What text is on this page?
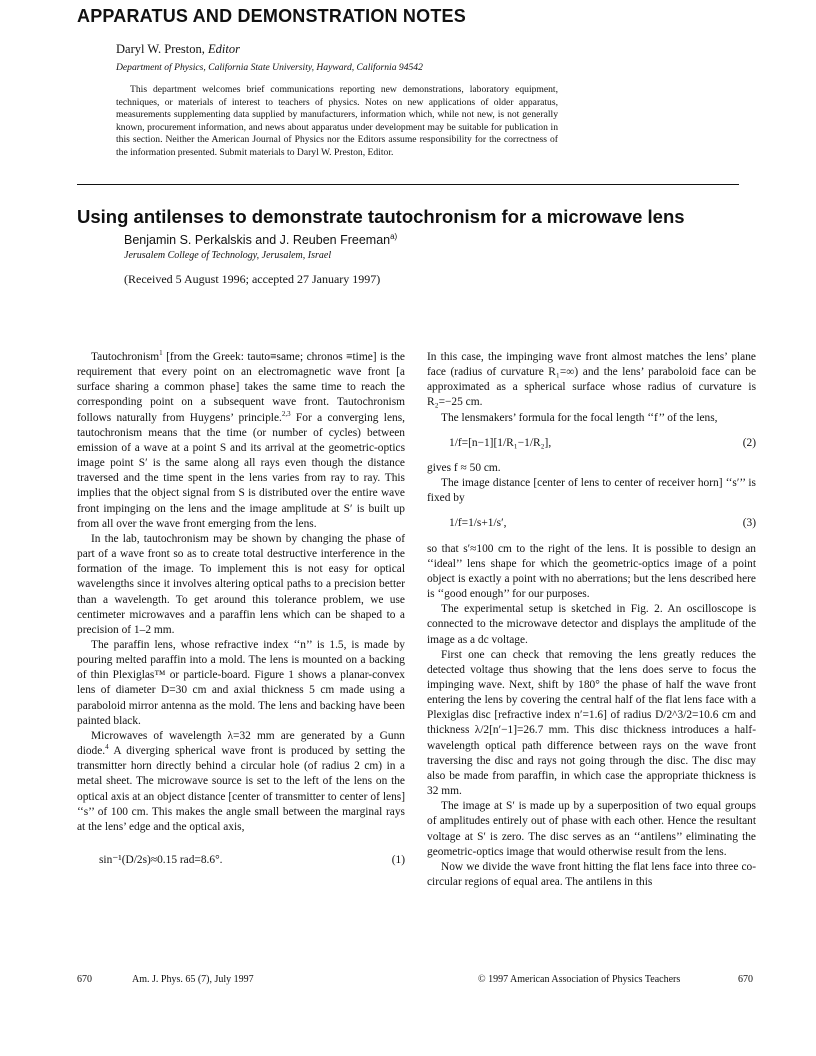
APPARATUS AND DEMONSTRATION NOTES
Daryl W. Preston, Editor
Department of Physics, California State University, Hayward, California 94542
This department welcomes brief communications reporting new demonstrations, laboratory equipment, techniques, or materials of interest to teachers of physics. Notes on new applications of older apparatus, measurements supplementing data supplied by manufacturers, information which, while not new, is not generally known, procurement information, and news about apparatus under development may be suitable for publication in this section. Neither the American Journal of Physics nor the Editors assume responsibility for the correctness of the information presented. Submit materials to Daryl W. Preston, Editor.
Using antilenses to demonstrate tautochronism for a microwave lens
Benjamin S. Perkalskis and J. Reuben Freeman$^{a)}$
Jerusalem College of Technology, Jerusalem, Israel
(Received 5 August 1996; accepted 27 January 1997)

Tautochronism$^1$ [from the Greek: tauto≡same; chronos ≡time] is the requirement that every point on an electromagnetic wave front [a surface sharing a common phase] takes the same time to reach the corresponding point on a subsequent wave front. Tautochronism follows naturally from Huygens’ principle.$^{2,3}$ For a converging lens, tautochronism means that the time (or number of cycles) between emission of a wave at a point S and its arrival at the geometric-optics image point S′ is the same along all rays even though the distance traversed and the time spent in the lens varies from ray to ray. This implies that the object signal from S is distributed over the entire wave front impinging on the lens and the image amplitude at S′ is built up from all over the wave front emerging from the lens.

In the lab, tautochronism may be shown by changing the phase of part of a wave front so as to create total destructive interference in the formation of the image. To implement this is not easy for optical wavelengths since it involves altering optical paths to a precision better than a wavelength. To get around this tolerance problem, we use centimeter microwaves and a paraffin lens which can be shaped to a precision of 1–2 mm.

The paraffin lens, whose refractive index ‘‘n’’ is 1.5, is made by pouring melted paraffin into a mold. The lens is mounted on a backing of thin Plexiglas™ or particle-board. Figure 1 shows a planar-convex lens of diameter D=30 cm and axial thickness 5 cm made using a paraboloid mirror antenna as the mold. The lens and backing have been painted black.

Microwaves of wavelength λ=32 mm are generated by a Gunn diode.$^4$ A diverging spherical wave front is produced by setting the transmitter horn directly behind a circular hole (of radius 2 cm) in a metal sheet. The microwave source is set to the left of the lens on the optical axis at an object distance [center of transmitter to center of lens] ‘‘s’’ of 100 cm. This makes the angle small between the marginal rays at the lens’ edge and the optical axis,

sin⁻¹(D/2s)≈0.15 rad=8.6°.	(1)

In this case, the impinging wave front almost matches the lens’ plane face (radius of curvature R₁=∞) and the lens’ paraboloid face can be approximated as a spherical surface whose radius of curvature is R₂=−25 cm.

The lensmakers’ formula for the focal length ‘‘f’’ of the lens,

1/f=[n−1][1/R₁−1/R₂],	(2)

gives f ≈ 50 cm.

The image distance [center of lens to center of receiver horn] ‘‘s′’’ is fixed by

1/f=1/s+1/s′,	(3)

so that s′≈100 cm to the right of the lens. It is possible to design an ‘‘ideal’’ lens shape for which the geometric-optics image of a point object is exactly a point with no aberrations; but the lens described here is ‘‘good enough’’ for our purposes.

The experimental setup is sketched in Fig. 2. An oscilloscope is connected to the microwave detector and displays the amplitude of the image as a dc voltage.

First one can check that removing the lens greatly reduces the detected voltage thus showing that the lens does serve to focus the impinging wave. Next, shift by 180° the phase of half the wave front entering the lens by covering the central half of the flat lens face with a Plexiglas disc [refractive index n′=1.6] of radius D/2^3/2=10.6 cm and thickness λ/2[n′−1]=26.7 mm. This disc thickness introduces a half-wavelength optical path difference between rays on the wave front traversing the disc and rays not going through the disc. The disc may also be made from paraffin, in which case the appropriate thickness is 32 mm.

The image at S′ is made up by a superposition of two equal groups of amplitudes entirely out of phase with each other. Hence the resultant voltage at S′ is zero. The disc serves as an ‘‘antilens’’ eliminating the geometric-optics image that would otherwise result from the lens.

Now we divide the wave front hitting the flat lens face into three co-circular regions of equal area. The antilens in this

670	Am. J. Phys. 65 (7), July 1997	© 1997 American Association of Physics Teachers	670
